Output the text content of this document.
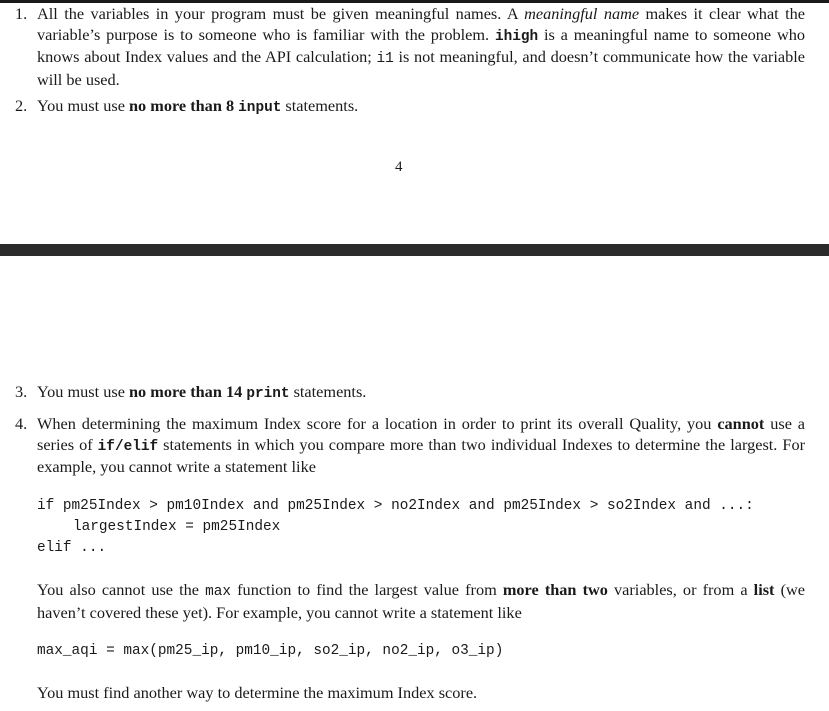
1. All the variables in your program must be given meaningful names. A meaningful name makes it clear what the variable’s purpose is to someone who is familiar with the problem. ihigh is a meaningful name to someone who knows about Index values and the API calculation; i1 is not meaningful, and doesn’t communicate how the variable will be used.
2. You must use no more than 8 input statements.
4
3. You must use no more than 14 print statements.
4. When determining the maximum Index score for a location in order to print its overall Quality, you cannot use a series of if/elif statements in which you compare more than two individual Indexes to determine the largest. For example, you cannot write a statement like
if pm25Index > pm10Index and pm25Index > no2Index and pm25Index > so2Index and ...:
largestIndex = pm25Index
elif ...
You also cannot use the max function to find the largest value from more than two variables, or from a list (we haven’t covered these yet). For example, you cannot write a statement like
max_aqi = max(pm25_ip, pm10_ip, so2_ip, no2_ip, o3_ip)
You must find another way to determine the maximum Index score.
